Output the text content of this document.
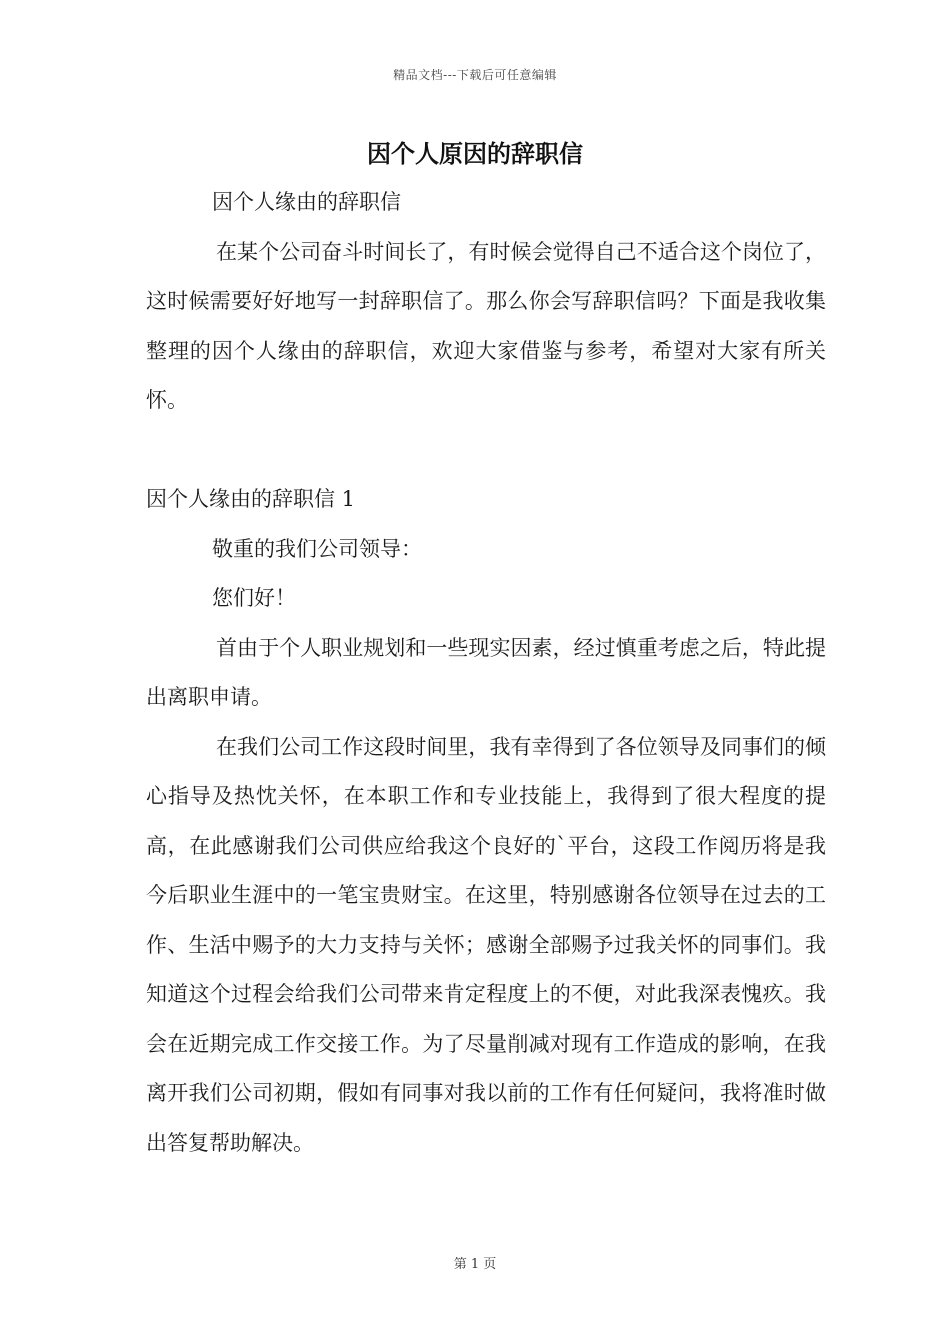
精品文档---下载后可任意编辑
因个人原因的辞职信

因个人缘由的辞职信

在某个公司奋斗时间长了，有时候会觉得自己不适合这个岗位了，这时候需要好好地写一封辞职信了。那么你会写辞职信吗？下面是我收集整理的因个人缘由的辞职信，欢迎大家借鉴与参考，希望对大家有所关怀。

因个人缘由的辞职信 1

敬重的我们公司领导：

您们好！

首由于个人职业规划和一些现实因素，经过慎重考虑之后，特此提出离职申请。

在我们公司工作这段时间里，我有幸得到了各位领导及同事们的倾心指导及热忱关怀，在本职工作和专业技能上，我得到了很大程度的提高，在此感谢我们公司供应给我这个良好的`平台，这段工作阅历将是我今后职业生涯中的一笔宝贵财宝。在这里，特别感谢各位领导在过去的工作、生活中赐予的大力支持与关怀；感谢全部赐予过我关怀的同事们。我知道这个过程会给我们公司带来肯定程度上的不便，对此我深表愧疚。我会在近期完成工作交接工作。为了尽量削减对现有工作造成的影响，在我离开我们公司初期，假如有同事对我以前的工作有任何疑问，我将准时做出答复帮助解决。

第 1 页
